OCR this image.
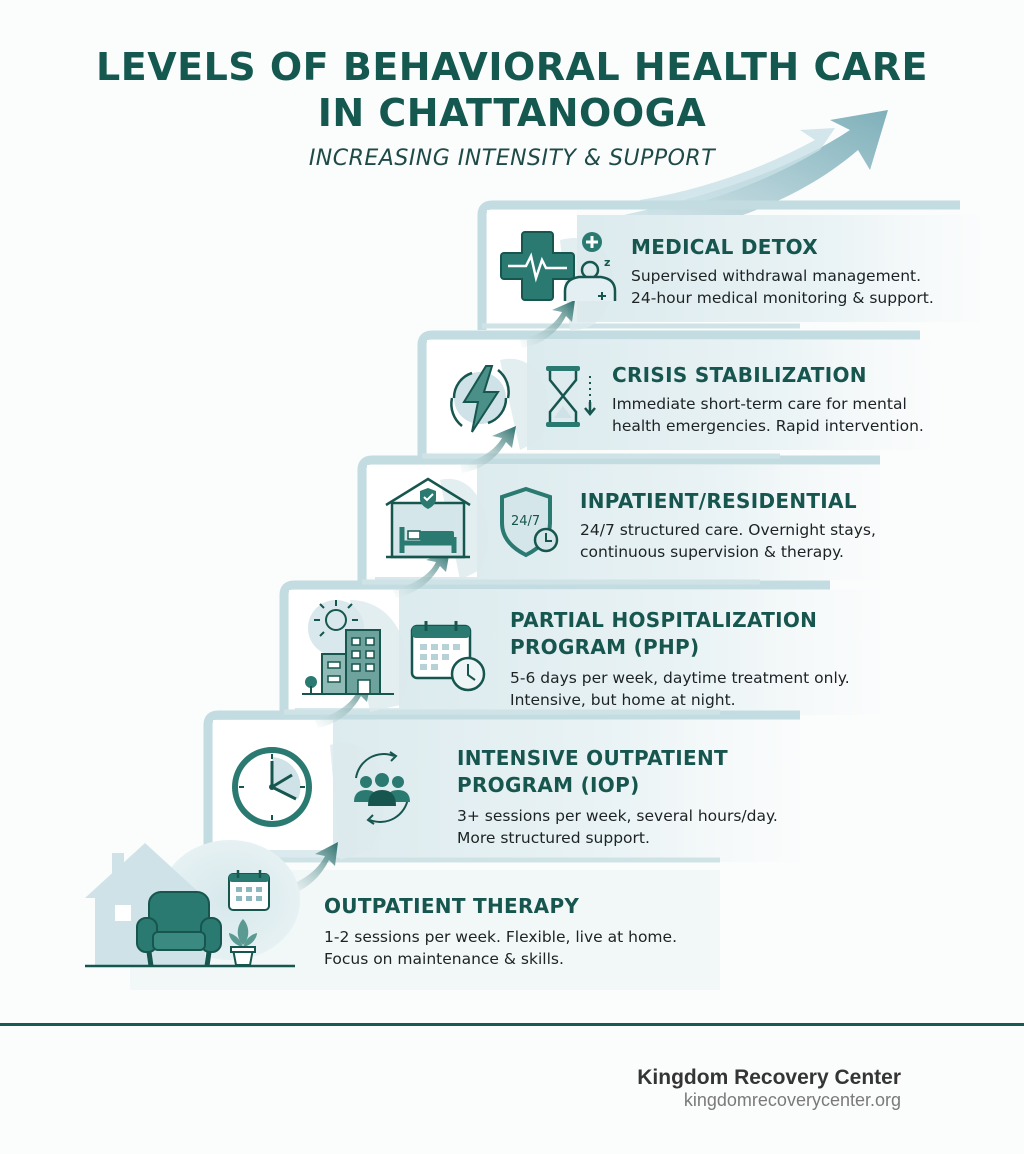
LEVELS OF BEHAVIORAL HEALTH CARE
IN CHATTANOOGA
INCREASING INTENSITY & SUPPORT
z
24/7
MEDICAL DETOX
Supervised withdrawal management.
24-hour medical monitoring & support.
CRISIS STABILIZATION
Immediate short-term care for mental
health emergencies. Rapid intervention.
INPATIENT/RESIDENTIAL
24/7 structured care. Overnight stays,
continuous supervision & therapy.
PARTIAL HOSPITALIZATION
PROGRAM (PHP)
5-6 days per week, daytime treatment only.
Intensive, but home at night.
INTENSIVE OUTPATIENT
PROGRAM (IOP)
3+ sessions per week, several hours/day.
More structured support.
OUTPATIENT THERAPY
1-2 sessions per week. Flexible, live at home.
Focus on maintenance & skills.
Kingdom Recovery Center
kingdomrecoverycenter.org
